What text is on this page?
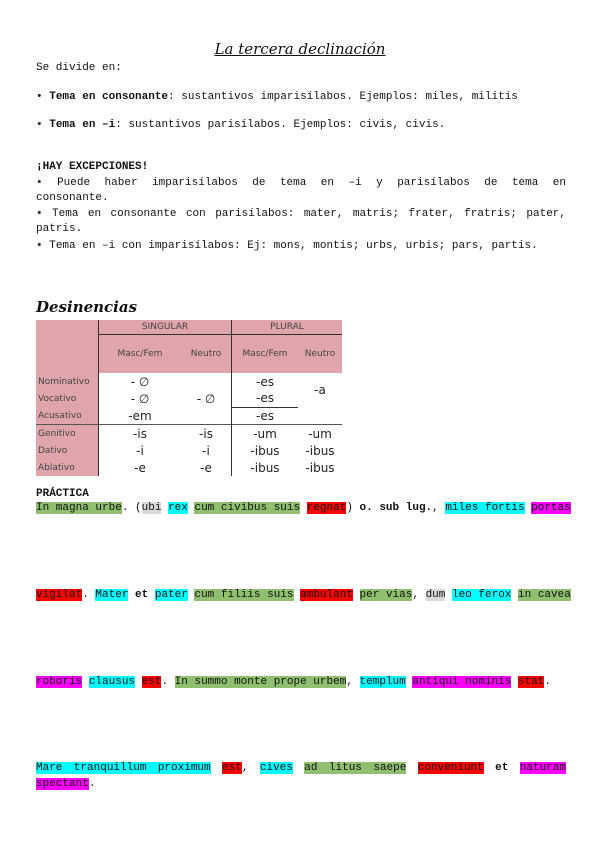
La tercera declinación
Se divide en:
• Tema en consonante: sustantivos imparisílabos. Ejemplos: miles, militis
• Tema en –i: sustantivos parisílabos. Ejemplos: civis, civis.
¡HAY EXCEPCIONES!
• Puede haber imparisílabos de tema en –i y parisílabos de tema en
consonante.
• Tema en consonante con parisílabos: mater, matris; frater, fratris; pater,
patris.
• Tema en –i con imparisílabos: Ej: mons, montis; urbs, urbis; pars, partis.
Desinencias
	SINGULAR		PLURAL	
	Masc/Fem	Neutro	Masc/Fem	Neutro
Nominativo	- ∅	- ∅	-es	-a
Vocativo	- ∅		-es	
Acusativo	-em		-es	
Genitivo	-is	-is	-um	-um
Dativo	-i	-i	-ibus	-ibus
Ablativo	-e	-e	-ibus	-ibus
PRÁCTICA
In magna urbe. (ubi rex cum civibus suis regnat) o. sub lug., miles fortis portas
vigilat. Mater et pater cum filiis suis ambulant per vias, dum leo ferox in cavea
roboris clausus est. In summo monte prope urbem, templum antiqui nominis stat.
Mare tranquillum proximum est, cives ad litus saepe conveniunt et naturam
spectant.
